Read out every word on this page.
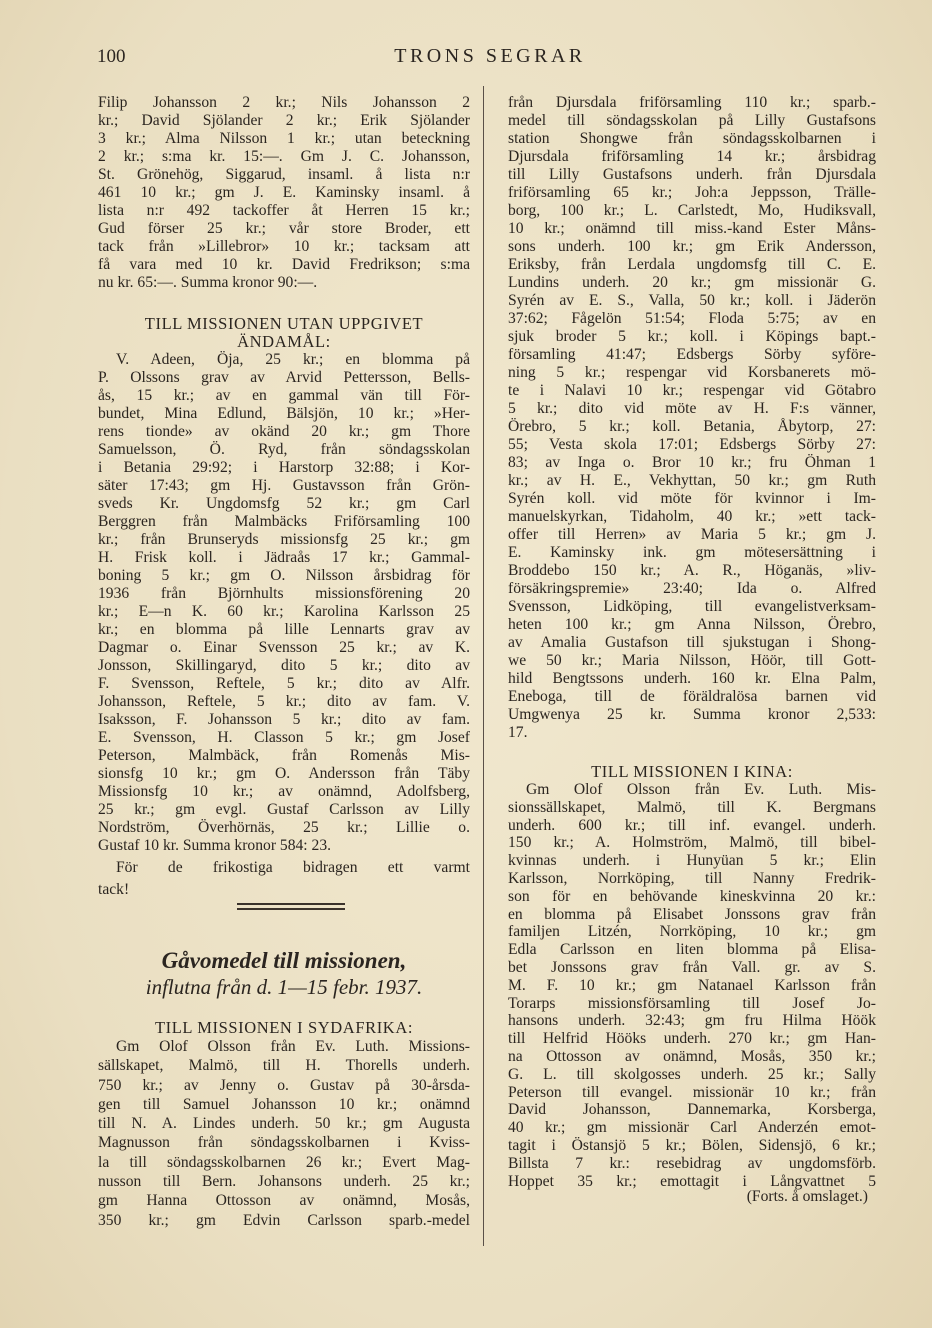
100	TRONS SEGRAR
Filip Johansson 2 kr.; Nils Johansson 2
kr.; David Sjölander 2 kr.; Erik Sjölander
3 kr.; Alma Nilsson 1 kr.; utan beteckning
2 kr.; s:ma kr. 15:—. Gm J. C. Johansson,
St. Grönehög, Siggarud, insaml. å lista n:r
461 10 kr.; gm J. E. Kaminsky insaml. å
lista n:r 492 tackoffer åt Herren 15 kr.;
Gud förser 25 kr.; vår store Broder, ett
tack från »Lillebror» 10 kr.; tacksam att
få vara med 10 kr. David Fredrikson; s:ma
nu kr. 65:—. Summa kronor 90:—.
TILL MISSIONEN UTAN UPPGIVET
ÄNDAMÅL:
V. Adeen, Öja, 25 kr.; en blomma på
P. Olssons grav av Arvid Pettersson, Bells-
ås, 15 kr.; av en gammal vän till För-
bundet, Mina Edlund, Bälsjön, 10 kr.; »Her-
rens tionde» av okänd 20 kr.; gm Thore
Samuelsson, Ö. Ryd, från söndagsskolan
i Betania 29:92; i Harstorp 32:88; i Kor-
säter 17:43; gm Hj. Gustavsson från Grön-
sveds Kr. Ungdomsfg 52 kr.; gm Carl
Berggren från Malmbäcks Friförsamling 100
kr.; från Brunseryds missionsfg 25 kr.; gm
H. Frisk koll. i Jädraås 17 kr.; Gammal-
boning 5 kr.; gm O. Nilsson årsbidrag för
1936 från Björnhults missionsförening 20
kr.; E—n K. 60 kr.; Karolina Karlsson 25
kr.; en blomma på lille Lennarts grav av
Dagmar o. Einar Svensson 25 kr.; av K.
Jonsson, Skillingaryd, dito 5 kr.; dito av
F. Svensson, Reftele, 5 kr.; dito av Alfr.
Johansson, Reftele, 5 kr.; dito av fam. V.
Isaksson, F. Johansson 5 kr.; dito av fam.
E. Svensson, H. Classon 5 kr.; gm Josef
Peterson, Malmbäck, från Romenås Mis-
sionsfg 10 kr.; gm O. Andersson från Täby
Missionsfg 10 kr.; av onämnd, Adolfsberg,
25 kr.; gm evgl. Gustaf Carlsson av Lilly
Nordström, Överhörnäs, 25 kr.; Lillie o.
Gustaf 10 kr. Summa kronor 584: 23.
För de frikostiga bidragen ett varmt
tack!
Gåvomedel till missionen,
influtna från d. 1—15 febr. 1937.
TILL MISSIONEN I SYDAFRIKA:
Gm Olof Olsson från Ev. Luth. Missions-
sällskapet, Malmö, till H. Thorells underh.
750 kr.; av Jenny o. Gustav på 30-årsda-
gen till Samuel Johansson 10 kr.; onämnd
till N. A. Lindes underh. 50 kr.; gm Augusta
Magnusson från söndagsskolbarnen i Kviss-
la till söndagsskolbarnen 26 kr.; Evert Mag-
nusson till Bern. Johansons underh. 25 kr.;
gm Hanna Ottosson av onämnd, Mosås,
350 kr.; gm Edvin Carlsson sparb.-medel
från Djursdala friförsamling 110 kr.; sparb.-
medel till söndagsskolan på Lilly Gustafsons
station Shongwe från söndagsskolbarnen i
Djursdala friförsamling 14 kr.; årsbidrag
till Lilly Gustafsons underh. från Djursdala
friförsamling 65 kr.; Joh:a Jeppsson, Trälle-
borg, 100 kr.; L. Carlstedt, Mo, Hudiksvall,
10 kr.; onämnd till miss.-kand Ester Måns-
sons underh. 100 kr.; gm Erik Andersson,
Eriksby, från Lerdala ungdomsfg till C. E.
Lundins underh. 20 kr.; gm missionär G.
Syrén av E. S., Valla, 50 kr.; koll. i Jäderön
37:62; Fågelön 51:54; Floda 5:75; av en
sjuk broder 5 kr.; koll. i Köpings bapt.-
församling 41:47; Edsbergs Sörby syföre-
ning 5 kr.; respengar vid Korsbanerets mö-
te i Nalavi 10 kr.; respengar vid Götabro
5 kr.; dito vid möte av H. F:s vänner,
Örebro, 5 kr.; koll. Betania, Åbytorp, 27:
55; Vesta skola 17:01; Edsbergs Sörby 27:
83; av Inga o. Bror 10 kr.; fru Öhman 1
kr.; av H. E., Vekhyttan, 50 kr.; gm Ruth
Syrén koll. vid möte för kvinnor i Im-
manuelskyrkan, Tidaholm, 40 kr.; »ett tack-
offer till Herren» av Maria 5 kr.; gm J.
E. Kaminsky ink. gm mötesersättning i
Broddebo 150 kr.; A. R., Höganäs, »liv-
försäkringspremie» 23:40; Ida o. Alfred
Svensson, Lidköping, till evangelistverksam-
heten 100 kr.; gm Anna Nilsson, Örebro,
av Amalia Gustafson till sjukstugan i Shong-
we 50 kr.; Maria Nilsson, Höör, till Gott-
hild Bengtssons underh. 160 kr. Elna Palm,
Eneboga, till de föräldralösa barnen vid
Umgwenya 25 kr. Summa kronor 2,533:
17.
TILL MISSIONEN I KINA:
Gm Olof Olsson från Ev. Luth. Mis-
sionssällskapet, Malmö, till K. Bergmans
underh. 600 kr.; till inf. evangel. underh.
150 kr.; A. Holmström, Malmö, till bibel-
kvinnas underh. i Hunyüan 5 kr.; Elin
Karlsson, Norrköping, till Nanny Fredrik-
son för en behövande kineskvinna 20 kr.:
en blomma på Elisabet Jonssons grav från
familjen Litzén, Norrköping, 10 kr.; gm
Edla Carlsson en liten blomma på Elisa-
bet Jonssons grav från Vall. gr. av S.
M. F. 10 kr.; gm Natanael Karlsson från
Torarps missionsförsamling till Josef Jo-
hansons underh. 32:43; gm fru Hilma Höök
till Helfrid Hööks underh. 270 kr.; gm Han-
na Ottosson av onämnd, Mosås, 350 kr.;
G. L. till skolgosses underh. 25 kr.; Sally
Peterson till evangel. missionär 10 kr.; från
David Johansson, Dannemarka, Korsberga,
40 kr.; gm missionär Carl Anderzén emot-
tagit i Östansjö 5 kr.; Bölen, Sidensjö, 6 kr.;
Billsta 7 kr.: resebidrag av ungdomsförb.
Hoppet 35 kr.; emottagit i Långvattnet 5
(Forts. å omslaget.)
